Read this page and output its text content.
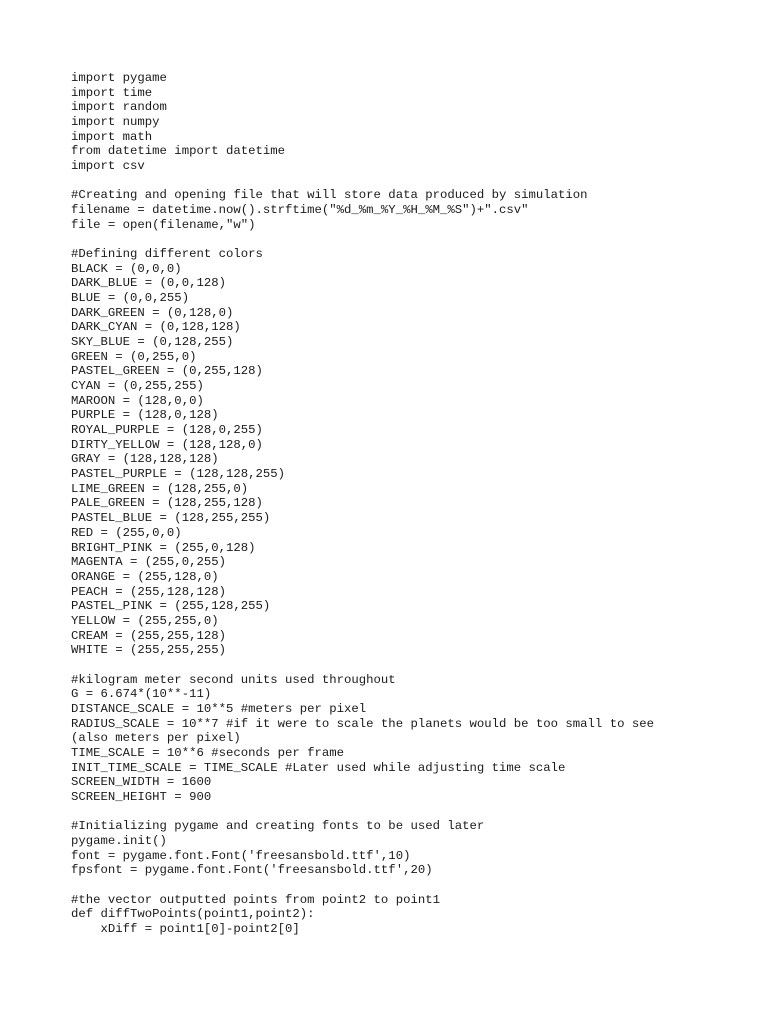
import pygame
import time
import random
import numpy
import math
from datetime import datetime
import csv
#Creating and opening file that will store data produced by simulation
filename = datetime.now().strftime("%d_%m_%Y_%H_%M_%S")+".csv"
file = open(filename,"w")
#Defining different colors
BLACK = (0,0,0)
DARK_BLUE = (0,0,128)
BLUE = (0,0,255)
DARK_GREEN = (0,128,0)
DARK_CYAN = (0,128,128)
SKY_BLUE = (0,128,255)
GREEN = (0,255,0)
PASTEL_GREEN = (0,255,128)
CYAN = (0,255,255)
MAROON = (128,0,0)
PURPLE = (128,0,128)
ROYAL_PURPLE = (128,0,255)
DIRTY_YELLOW = (128,128,0)
GRAY = (128,128,128)
PASTEL_PURPLE = (128,128,255)
LIME_GREEN = (128,255,0)
PALE_GREEN = (128,255,128)
PASTEL_BLUE = (128,255,255)
RED = (255,0,0)
BRIGHT_PINK = (255,0,128)
MAGENTA = (255,0,255)
ORANGE = (255,128,0)
PEACH = (255,128,128)
PASTEL_PINK = (255,128,255)
YELLOW = (255,255,0)
CREAM = (255,255,128)
WHITE = (255,255,255)
#kilogram meter second units used throughout
G = 6.674*(10**-11)
DISTANCE_SCALE = 10**5 #meters per pixel
RADIUS_SCALE = 10**7 #if it were to scale the planets would be too small to see
(also meters per pixel)
TIME_SCALE = 10**6 #seconds per frame
INIT_TIME_SCALE = TIME_SCALE #Later used while adjusting time scale
SCREEN_WIDTH = 1600
SCREEN_HEIGHT = 900
#Initializing pygame and creating fonts to be used later
pygame.init()
font = pygame.font.Font('freesansbold.ttf',10)
fpsfont = pygame.font.Font('freesansbold.ttf',20)
#the vector outputted points from point2 to point1
def diffTwoPoints(point1,point2):
xDiff = point1[0]-point2[0]
